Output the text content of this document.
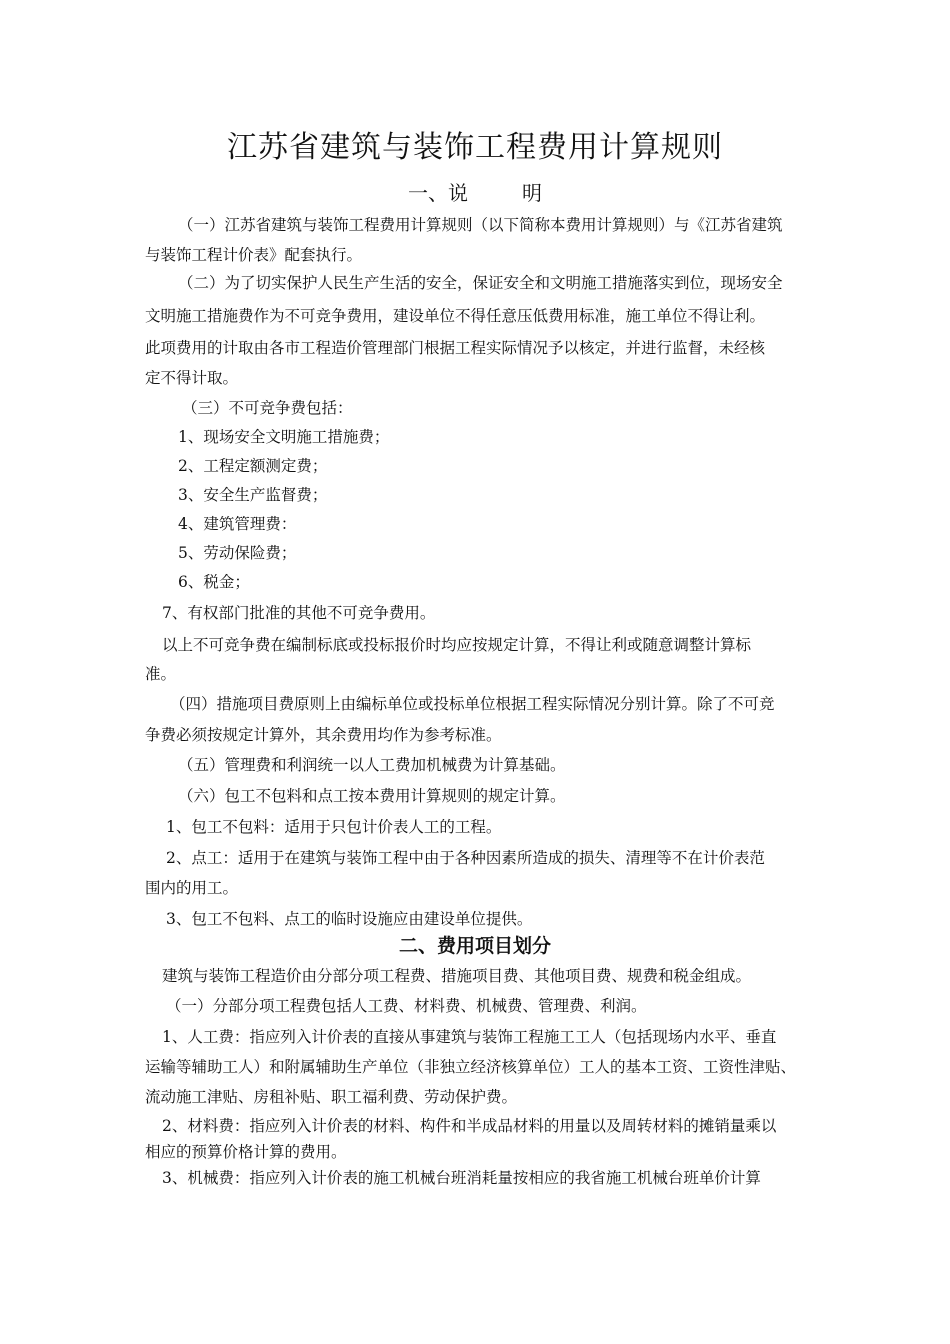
江苏省建筑与装饰工程费用计算规则
一、说	明
（一）江苏省建筑与装饰工程费用计算规则（以下简称本费用计算规则）与《江苏省建筑
与装饰工程计价表》配套执行。
（二）为了切实保护人民生产生活的安全，保证安全和文明施工措施落实到位，现场安全
文明施工措施费作为不可竞争费用，建设单位不得任意压低费用标准，施工单位不得让利。
此项费用的计取由各市工程造价管理部门根据工程实际情况予以核定，并进行监督，未经核
定不得计取。
（三）不可竞争费包括：
1、现场安全文明施工措施费；
2、工程定额测定费；
3、安全生产监督费；
4、建筑管理费：
5、劳动保险费；
6、税金；
7、有权部门批准的其他不可竞争费用。
以上不可竞争费在编制标底或投标报价时均应按规定计算，不得让利或随意调整计算标
准。
（四）措施项目费原则上由编标单位或投标单位根据工程实际情况分别计算。除了不可竞
争费必须按规定计算外，其余费用均作为参考标准。
（五）管理费和利润统一以人工费加机械费为计算基础。
（六）包工不包料和点工按本费用计算规则的规定计算。
1、包工不包料：适用于只包计价表人工的工程。
2、点工：适用于在建筑与装饰工程中由于各种因素所造成的损失、清理等不在计价表范
围内的用工。
3、包工不包料、点工的临时设施应由建设单位提供。
二、费用项目划分
建筑与装饰工程造价由分部分项工程费、措施项目费、其他项目费、规费和税金组成。
（一）分部分项工程费包括人工费、材料费、机械费、管理费、利润。
1、人工费：指应列入计价表的直接从事建筑与装饰工程施工工人（包括现场内水平、垂直
运输等辅助工人）和附属辅助生产单位（非独立经济核算单位）工人的基本工资、工资性津贴、
流动施工津贴、房租补贴、职工福利费、劳动保护费。
2、材料费：指应列入计价表的材料、构件和半成品材料的用量以及周转材料的摊销量乘以
相应的预算价格计算的费用。
3、机械费：指应列入计价表的施工机械台班消耗量按相应的我省施工机械台班单价计算
